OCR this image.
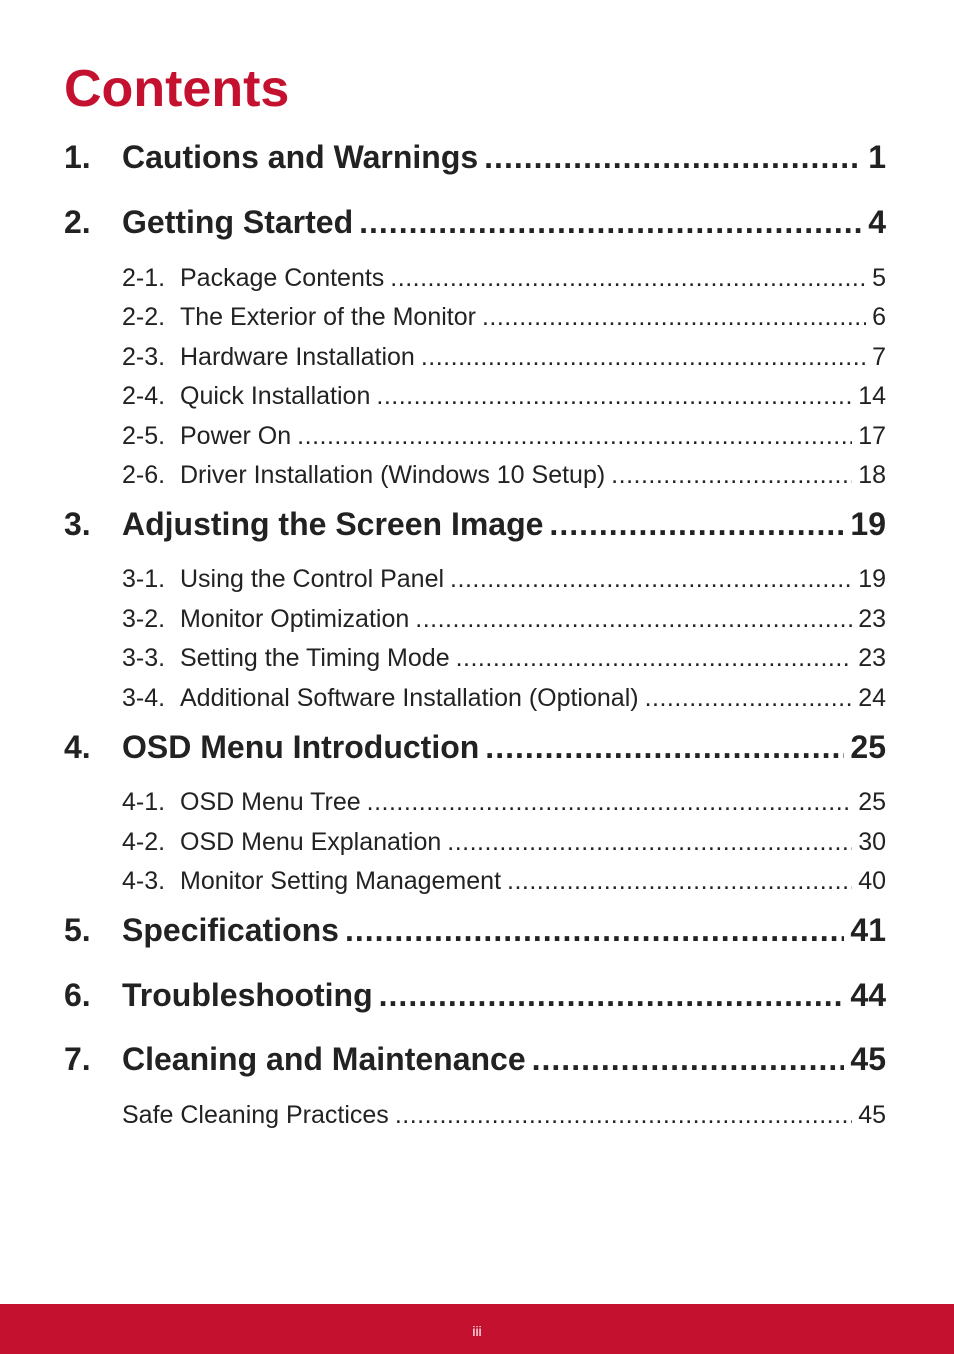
Contents
1. Cautions and Warnings .....	1
2. Getting Started .....	4
2-1. Package Contents .....	5
2-2. The Exterior of the Monitor .....	6
2-3. Hardware Installation .....	7
2-4. Quick Installation .....	14
2-5. Power On .....	17
2-6. Driver Installation (Windows 10 Setup) .....	18
3. Adjusting the Screen Image .....	19
3-1. Using the Control Panel .....	19
3-2. Monitor Optimization .....	23
3-3. Setting the Timing Mode .....	23
3-4. Additional Software Installation (Optional) .....	24
4. OSD Menu Introduction .....	25
4-1. OSD Menu Tree .....	25
4-2. OSD Menu Explanation .....	30
4-3. Monitor Setting Management .....	40
5. Specifications .....	41
6. Troubleshooting .....	44
7. Cleaning and Maintenance .....	45
Safe Cleaning Practices .....	45
iii
